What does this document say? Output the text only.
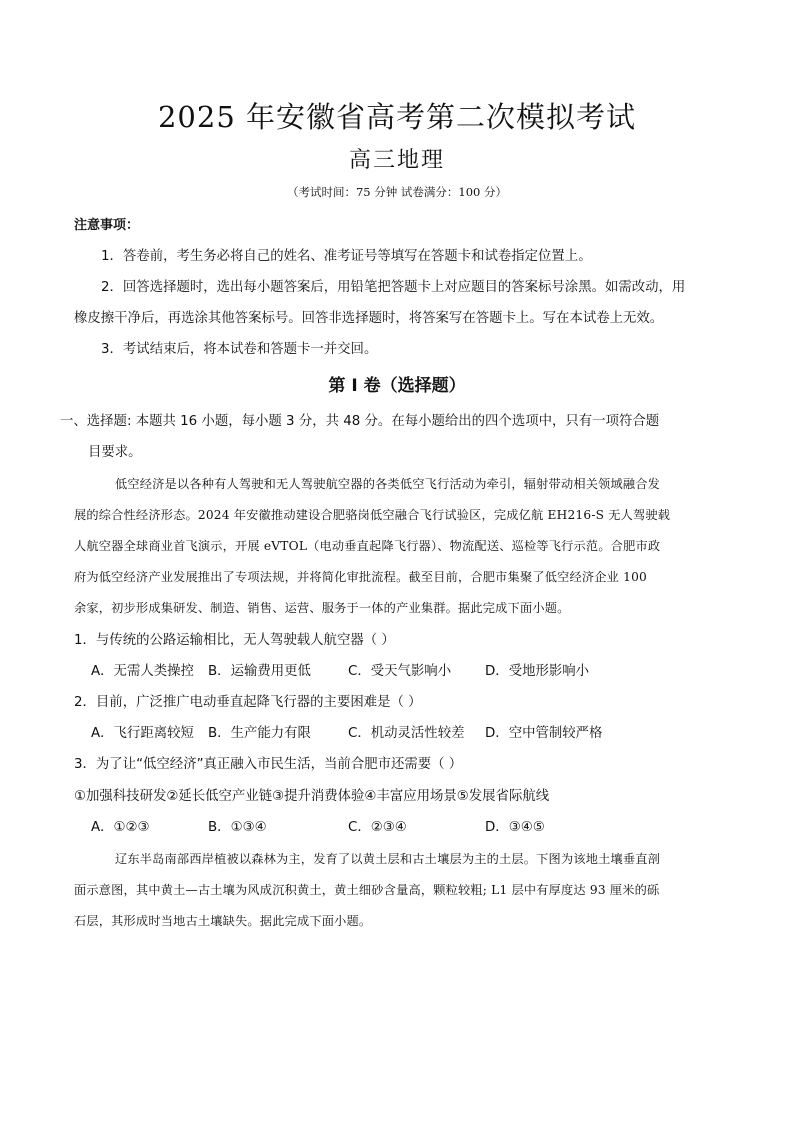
2025 年安徽省高考第二次模拟考试
高三地理
（考试时间：75 分钟 试卷满分：100 分）
注意事项：
1．答卷前，考生务必将自己的姓名、准考证号等填写在答题卡和试卷指定位置上。
2．回答选择题时，选出每小题答案后，用铅笔把答题卡上对应题目的答案标号涂黑。如需改动，用
橡皮擦干净后，再选涂其他答案标号。回答非选择题时，将答案写在答题卡上。写在本试卷上无效。
3．考试结束后，将本试卷和答题卡一并交回。
第 I 卷（选择题）
一、选择题: 本题共 16 小题，每小题 3 分，共 48 分。在每小题给出的四个选项中，只有一项符合题
目要求。
低空经济是以各种有人驾驶和无人驾驶航空器的各类低空飞行活动为牵引，辐射带动相关领域融合发
展的综合性经济形态。2024 年安徽推动建设合肥骆岗低空融合飞行试验区，完成亿航 EH216-S 无人驾驶载
人航空器全球商业首飞演示，开展 eVTOL（电动垂直起降飞行器）、物流配送、巡检等飞行示范。合肥市政
府为低空经济产业发展推出了专项法规，并将简化审批流程。截至目前，合肥市集聚了低空经济企业 100
余家，初步形成集研发、制造、销售、运营、服务于一体的产业集群。据此完成下面小题。
1．与传统的公路运输相比，无人驾驶载人航空器（ ）
A．无需人类操控 B．运输费用更低	C．受天气影响小	D．受地形影响小
2．目前，广泛推广电动垂直起降飞行器的主要困难是（ ）
A．飞行距离较短 B．生产能力有限	C．机动灵活性较差 D．空中管制较严格
3．为了让“低空经济”真正融入市民生活，当前合肥市还需要（ ）
①加强科技研发②延长低空产业链③提升消费体验④丰富应用场景⑤发展省际航线
A．①②③	B．①③④	C．②③④	D．③④⑤
辽东半岛南部西岸植被以森林为主，发育了以黄土层和古土壤层为主的土层。下图为该地土壤垂直剖
面示意图，其中黄土—古土壤为风成沉积黄土，黄土细砂含量高，颗粒较粗; L1 层中有厚度达 93 厘米的砾
石层，其形成时当地古土壤缺失。据此完成下面小题。
